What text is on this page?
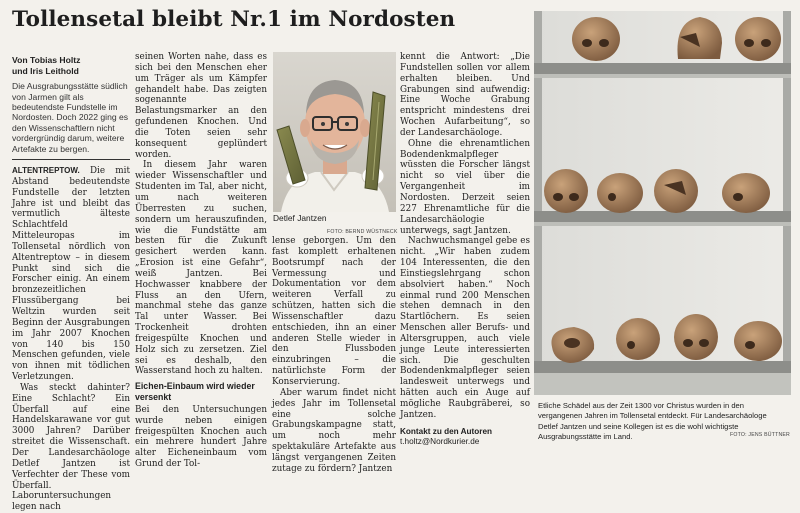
Tollensetal bleibt Nr.1 im Nordosten

Von Tobias Holtz
und Iris Leithold

Die Ausgrabungsstätte südlich von Jarmen gilt als bedeutendste Fundstelle im Nordosten. Doch 2022 ging es den Wissenschaftlern nicht vordergründig darum, weitere Artefakte zu bergen.

ALTENTREPTOW. Die mit Abstand bedeutendste Fundstelle der letzten Jahre ist und bleibt das vermutlich älteste Schlachtfeld Mitteleuropas im Tollensetal nördlich von Altentreptow – in diesem Punkt sind sich die Forscher einig. An einem bronzezeitlichen Flussübergang bei Weltzin wurden seit Beginn der Ausgrabungen im Jahr 2007 Knochen von 140 bis 150 Menschen gefunden, viele von ihnen mit tödlichen Verletzungen.

Was steckt dahinter? Eine Schlacht? Ein Überfall auf eine Handelskarawane vor gut 3000 Jahren? Darüber streitet die Wissenschaft. Der Landesarchäologe Detlef Jantzen ist Verfechter der These vom Überfall. Laboruntersuchungen legen nach

seinen Worten nahe, dass es sich bei den Menschen eher um Träger als um Kämpfer gehandelt habe. Das zeigten sogenannte Belastungsmarker an den gefundenen Knochen. Und die Toten seien sehr konsequent geplündert worden.

In diesem Jahr waren wieder Wissenschaftler und Studenten im Tal, aber nicht, um nach weiteren Überresten zu suchen, sondern um herauszufinden, wie die Fundstätte am besten für die Zukunft gesichert werden kann. „Erosion ist eine Gefahr“, weiß Jantzen. Bei Hochwasser knabbere der Fluss an den Ufern, manchmal stehe das ganze Tal unter Wasser. Bei Trockenheit drohten freigespülte Knochen und Holz sich zu zersetzen. Ziel sei es deshalb, den Wasserstand hoch zu halten.

Eichen-Einbaum wird wieder versenkt

Bei den Untersuchungen wurde neben einigen freigespülten Knochen auch ein mehrere hundert Jahre alter Eicheneinbaum vom Grund der Tol-

Detlef Jantzen

FOTO: BERND WÜSTNECK

lense geborgen. Um den fast komplett erhaltenen Bootsrumpf nach der Vermessung und Dokumentation vor dem weiteren Verfall zu schützen, hatten sich die Wissenschaftler dazu entschieden, ihn an einer anderen Stelle wieder in den Flussboden einzubringen – die natürlichste Form der Konservierung.

Aber warum findet nicht jedes Jahr im Tollensetal eine solche Grabungskampagne statt, um noch mehr spektakuläre Artefakte aus längst vergangenen Zeiten zutage zu fördern? Jantzen

kennt die Antwort: „Die Fundstellen sollen vor allem erhalten bleiben. Und Grabungen sind aufwendig: Eine Woche Grabung entspricht mindestens drei Wochen Aufarbeitung“, so der Landesarchäologe.

Ohne die ehrenamtlichen Bodendenkmalpfleger wüssten die Forscher längst nicht so viel über die Vergangenheit im Nordosten. Derzeit seien 227 Ehrenamtliche für die Landesarchäologie unterwegs, sagt Jantzen.

Nachwuchsmangel gebe es nicht. „Wir haben zudem 104 Interessenten, die den Einstiegslehrgang schon absolviert haben.“ Noch einmal rund 200 Menschen stehen demnach in den Startlöchern. Es seien Menschen aller Berufs- und Altersgruppen, auch viele junge Leute interessierten sich. Die geschulten Bodendenkmalpfleger seien landesweit unterwegs und hätten auch ein Auge auf mögliche Raubgräberei, so Jantzen.

Kontakt zu den Autoren

t.holtz@Nordkurier.de

Etliche Schädel aus der Zeit 1300 vor Christus wurden in den vergangenen Jahren im Tollensetal entdeckt. Für Landesarchäologe Detlef Jantzen und seine Kollegen ist es die wohl wichtigste Ausgrabungsstätte im Land.	FOTO: JENS BÜTTNER
